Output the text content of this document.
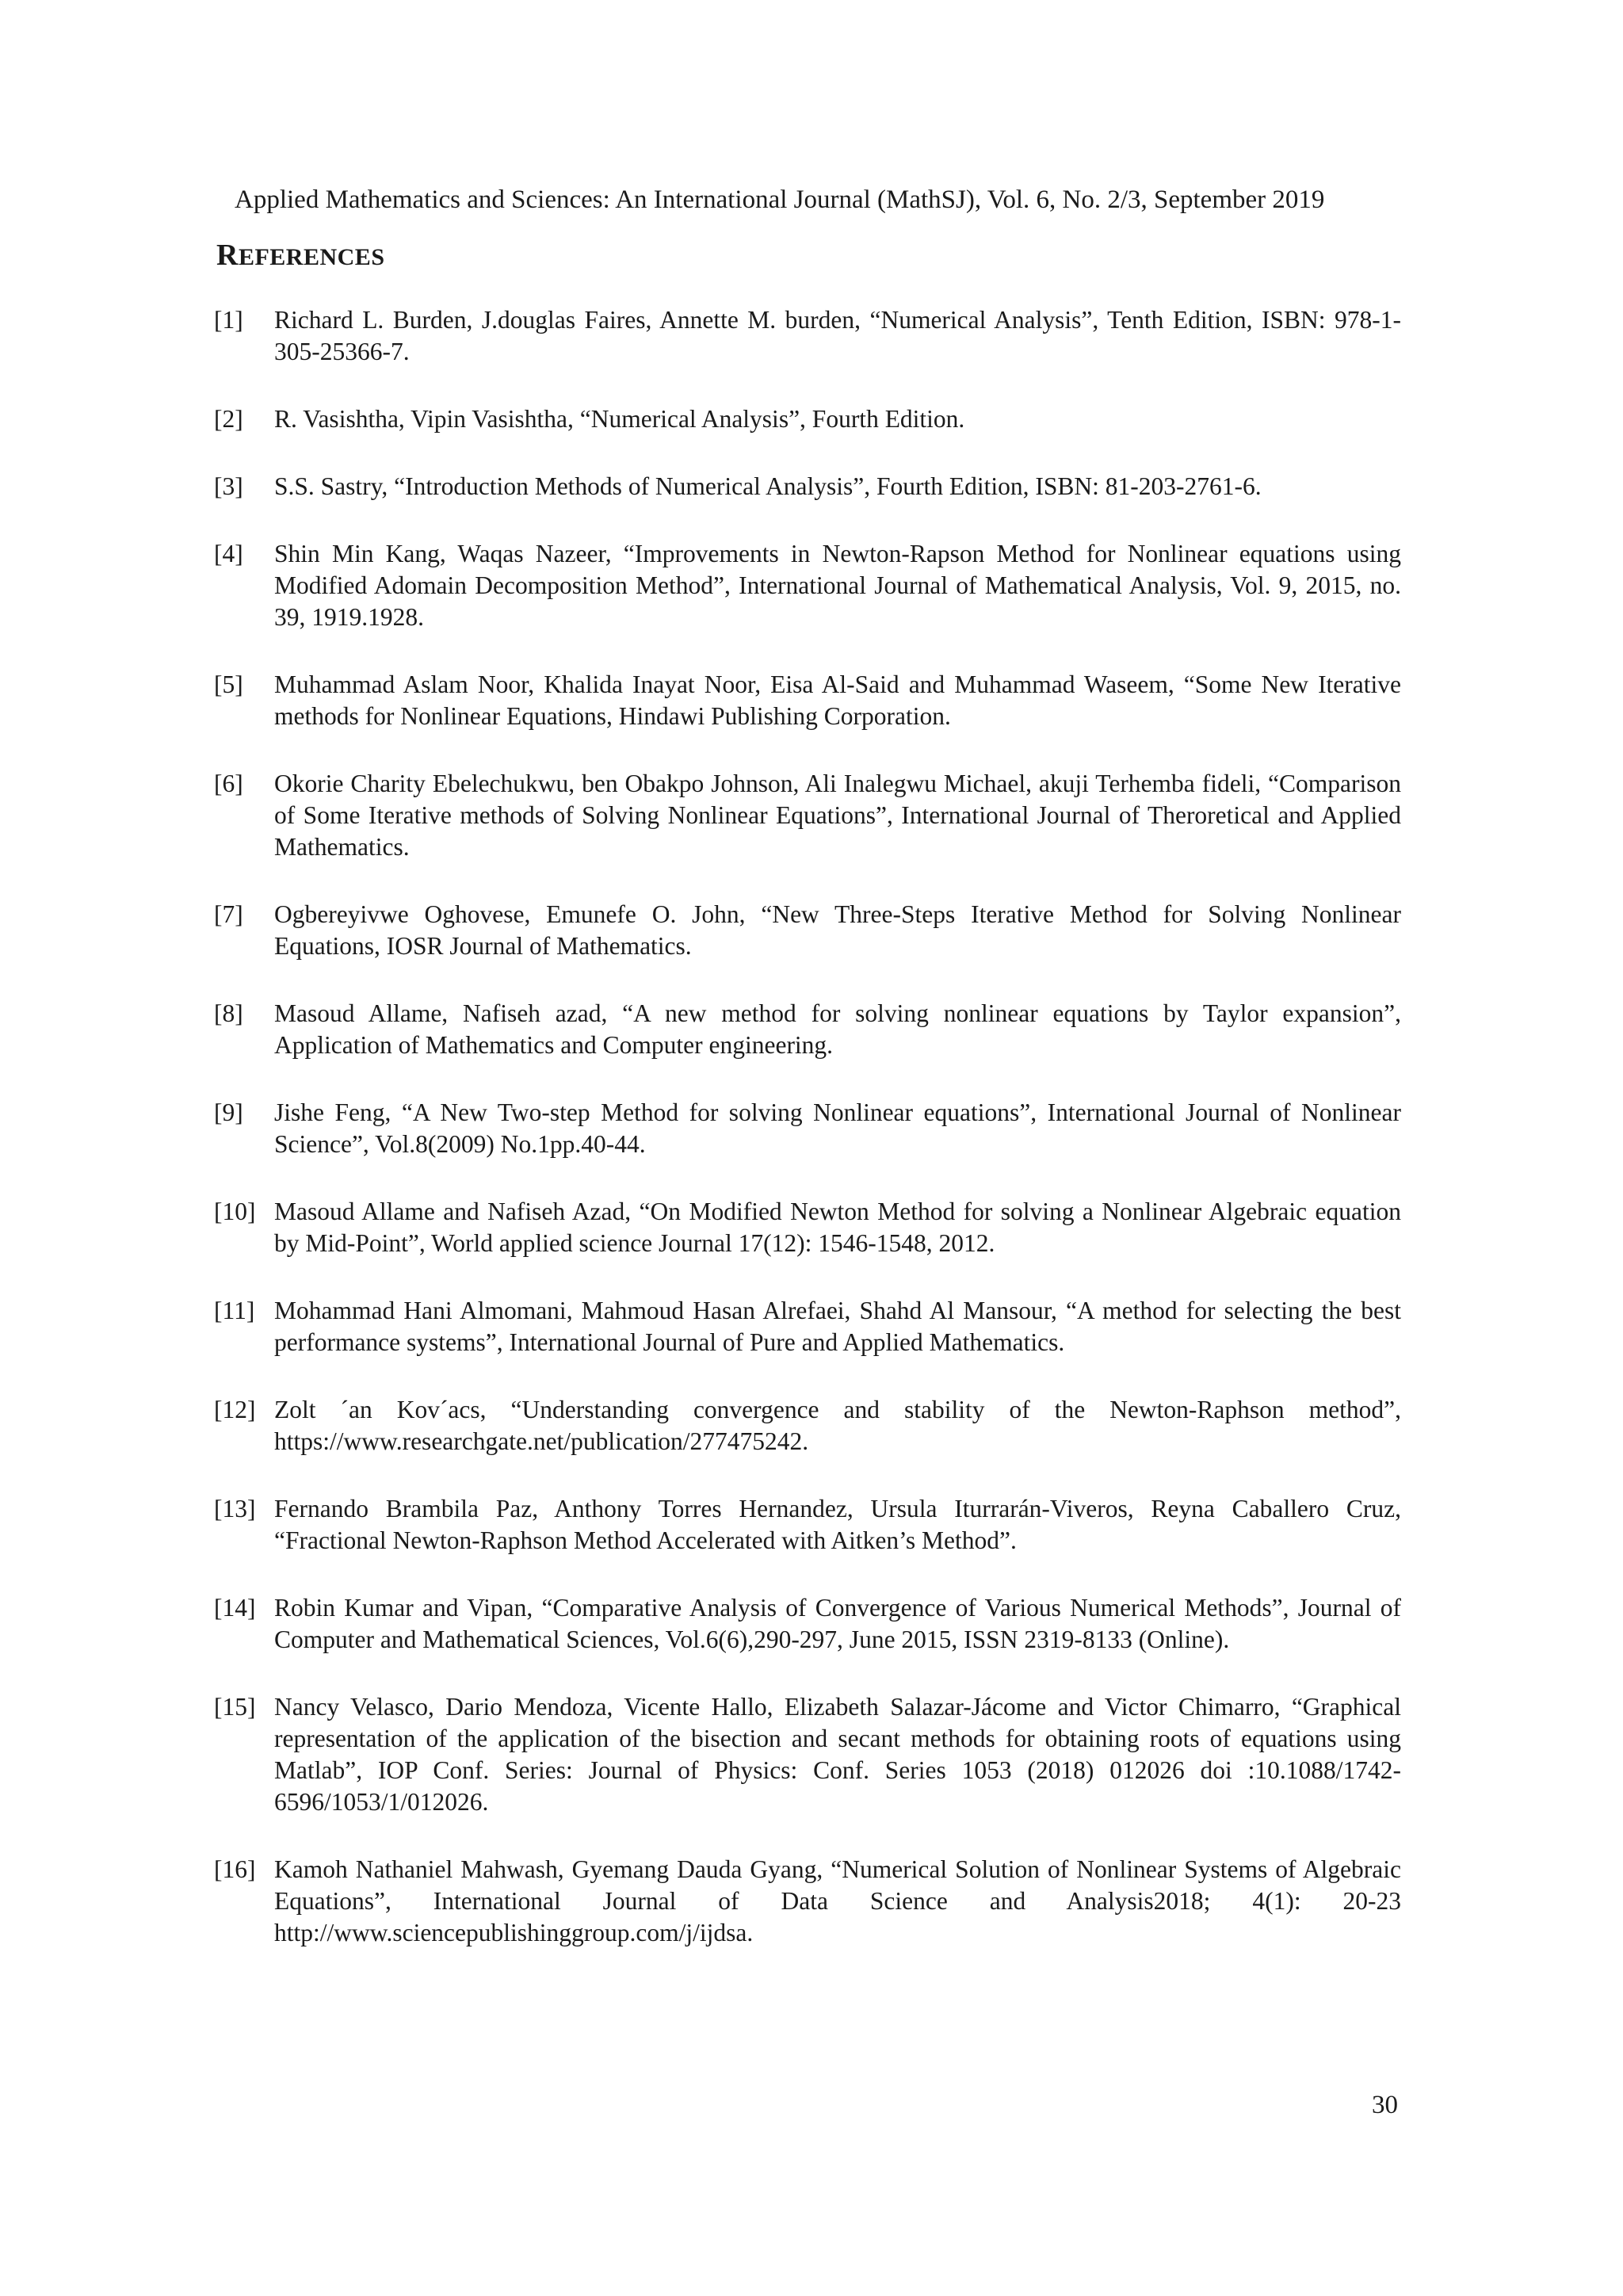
Applied Mathematics and Sciences: An International Journal (MathSJ), Vol. 6, No. 2/3, September 2019
REFERENCES
[1] Richard L. Burden, J.douglas Faires, Annette M. burden, “Numerical Analysis”, Tenth Edition, ISBN: 978-1-305-25366-7.
[2] R. Vasishtha, Vipin Vasishtha, “Numerical Analysis”, Fourth Edition.
[3] S.S. Sastry, “Introduction Methods of Numerical Analysis”, Fourth Edition, ISBN: 81-203-2761-6.
[4] Shin Min Kang, Waqas Nazeer, “Improvements in Newton-Rapson Method for Nonlinear equations using Modified Adomain Decomposition Method”, International Journal of Mathematical Analysis, Vol. 9, 2015, no. 39, 1919.1928.
[5] Muhammad Aslam Noor, Khalida Inayat Noor, Eisa Al-Said and Muhammad Waseem, “Some New Iterative methods for Nonlinear Equations, Hindawi Publishing Corporation.
[6] Okorie Charity Ebelechukwu, ben Obakpo Johnson, Ali Inalegwu Michael, akuji Terhemba fideli, “Comparison of Some Iterative methods of Solving Nonlinear Equations”, International Journal of Theroretical and Applied Mathematics.
[7] Ogbereyivwe Oghovese, Emunefe O. John, “New Three-Steps Iterative Method for Solving Nonlinear Equations, IOSR Journal of Mathematics.
[8] Masoud Allame, Nafiseh azad, “A new method for solving nonlinear equations by Taylor expansion”, Application of Mathematics and Computer engineering.
[9] Jishe Feng, “A New Two-step Method for solving Nonlinear equations”, International Journal of Nonlinear Science”, Vol.8(2009) No.1pp.40-44.
[10] Masoud Allame and Nafiseh Azad, “On Modified Newton Method for solving a Nonlinear Algebraic equation by Mid-Point”, World applied science Journal 17(12): 1546-1548, 2012.
[11] Mohammad Hani Almomani, Mahmoud Hasan Alrefaei, Shahd Al Mansour, “A method for selecting the best performance systems”, International Journal of Pure and Applied Mathematics.
[12] Zolt ´an Kov´acs, “Understanding convergence and stability of the Newton-Raphson method”, https://www.researchgate.net/publication/277475242.
[13] Fernando Brambila Paz, Anthony Torres Hernandez, Ursula Iturrarán-Viveros, Reyna Caballero Cruz, “Fractional Newton-Raphson Method Accelerated with Aitken’s Method”.
[14] Robin Kumar and Vipan, “Comparative Analysis of Convergence of Various Numerical Methods”, Journal of Computer and Mathematical Sciences, Vol.6(6),290-297, June 2015, ISSN 2319-8133 (Online).
[15] Nancy Velasco, Dario Mendoza, Vicente Hallo, Elizabeth Salazar-Jácome and Victor Chimarro, “Graphical representation of the application of the bisection and secant methods for obtaining roots of equations using Matlab”, IOP Conf. Series: Journal of Physics: Conf. Series 1053 (2018) 012026 doi :10.1088/1742-6596/1053/1/012026.
[16] Kamoh Nathaniel Mahwash, Gyemang Dauda Gyang, “Numerical Solution of Nonlinear Systems of Algebraic Equations”, International Journal of Data Science and Analysis2018; 4(1): 20-23 http://www.sciencepublishinggroup.com/j/ijdsa.
30
